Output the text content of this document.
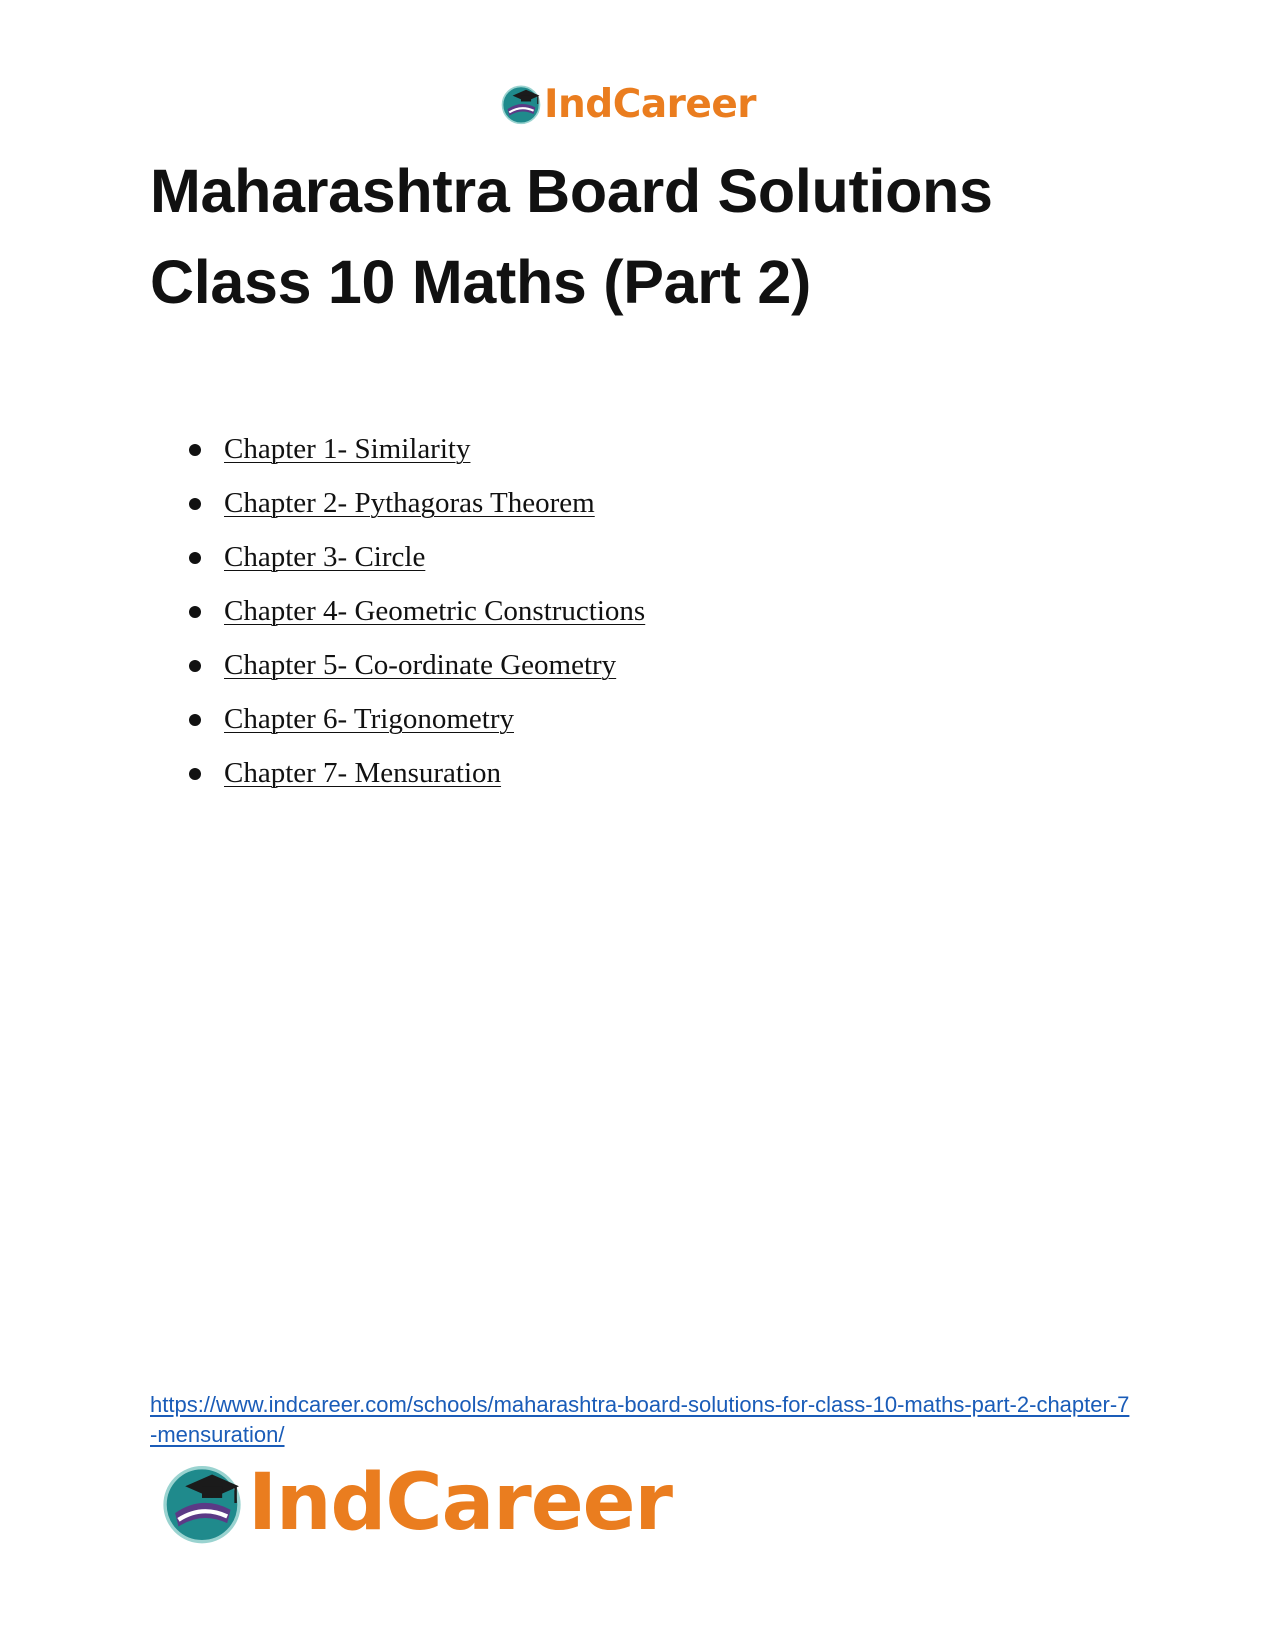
IndCareer
Maharashtra Board Solutions
Class 10 Maths (Part 2)
Chapter 1- Similarity
Chapter 2- Pythagoras Theorem
Chapter 3- Circle
Chapter 4- Geometric Constructions
Chapter 5- Co-ordinate Geometry
Chapter 6- Trigonometry
Chapter 7- Mensuration
https://www.indcareer.com/schools/maharashtra-board-solutions-for-class-10-maths-part-2-chapter-7-mensuration/
IndCareer
